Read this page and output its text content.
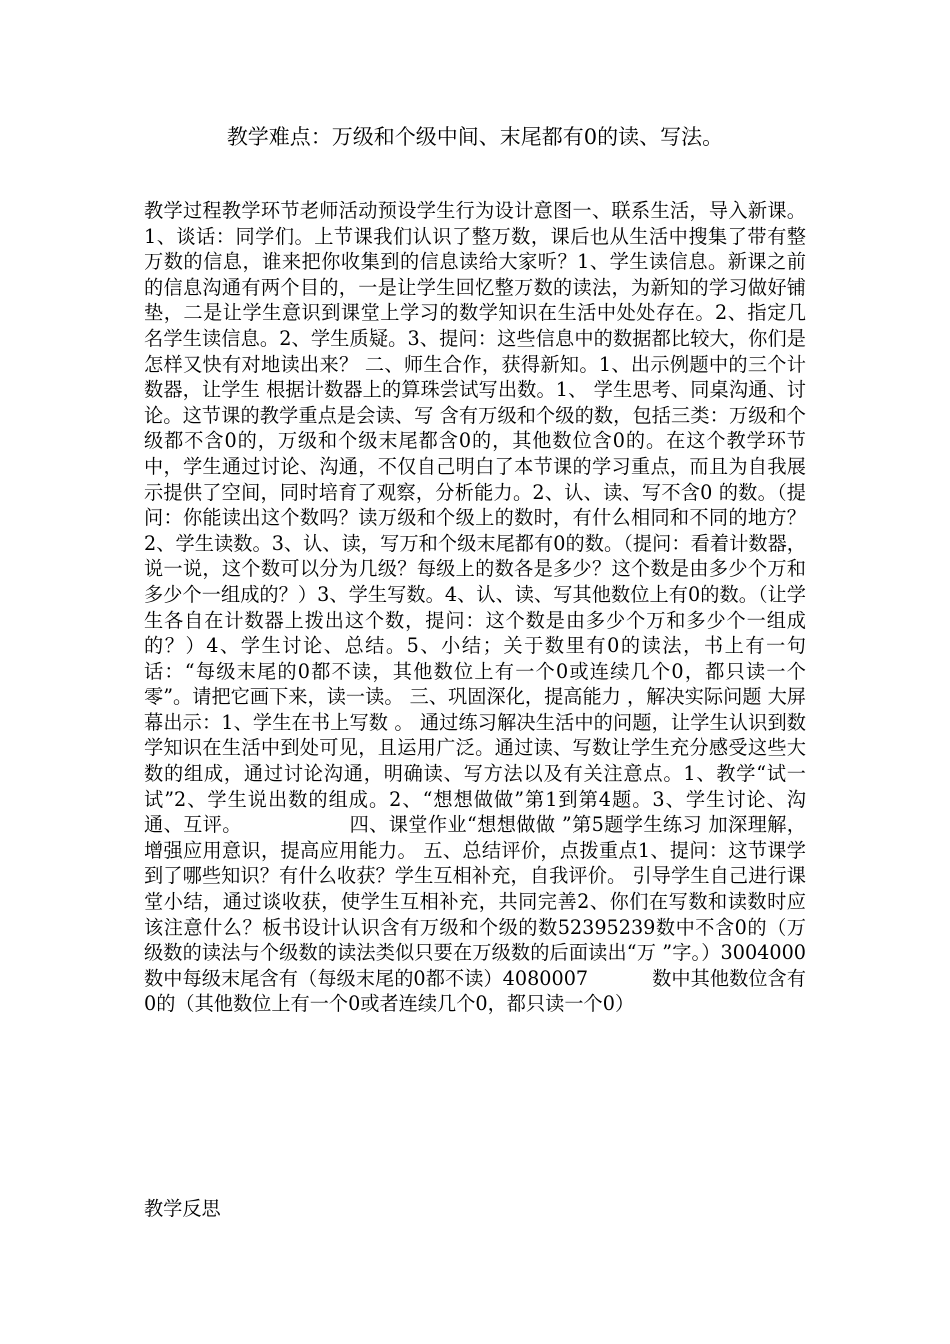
教学难点：万级和个级中间、末尾都有0的读、写法。
教学过程教学环节老师活动预设学生行为设计意图一、联系生活，导入新课。1、谈话：同学们。上节课我们认识了整万数，课后也从生活中搜集了带有整万数的信息，谁来把你收集到的信息读给大家听？1、学生读信息。新课之前的信息沟通有两个目的，一是让学生回忆整万数的读法，为新知的学习做好铺垫，二是让学生意识到课堂上学习的数学知识在生活中处处存在。2、指定几名学生读信息。2、学生质疑。3、提问：这些信息中的数据都比较大，你们是怎样又快有对地读出来？ 二、师生合作，获得新知。1、出示例题中的三个计数器，让学生 根据计数器上的算珠尝试写出数。1、 学生思考、同桌沟通、讨论。这节课的教学重点是会读、写 含有万级和个级的数，包括三类：万级和个级都不含0的，万级和个级末尾都含0的，其他数位含0的。在这个教学环节中，学生通过讨论、沟通，不仅自己明白了本节课的学习重点，而且为自我展示提供了空间，同时培育了观察，分析能力。2、认、读、写不含0 的数。（提问：你能读出这个数吗？读万级和个级上的数时，有什么相同和不同的地方？2、学生读数。3、认、读，写万和个级末尾都有0的数。（提问：看着计数器，说一说，这个数可以分为几级？每级上的数各是多少？这个数是由多少个万和多少个一组成的？）3、学生写数。4、认、读、写其他数位上有0的数。（让学生各自在计数器上拨出这个数，提问：这个数是由多少个万和多少个一组成的？）4、学生讨论、总结。5、小结；关于数里有0的读法，书上有一句话：“每级末尾的0都不读，其他数位上有一个0或连续几个0，都只读一个零”。请把它画下来，读一读。 三、巩固深化，提高能力 ，解决实际问题 大屏幕出示：1、学生在书上写数 。 通过练习解决生活中的问题，让学生认识到数学知识在生活中到处可见，且运用广泛。通过读、写数让学生充分感受这些大数的组成，通过讨论沟通，明确读、写方法以及有关注意点。1、教学“试一试”2、学生说出数的组成。2、“想想做做”第1到第4题。3、学生讨论、沟通、互评。　　　　　　四、课堂作业“想想做做 ”第5题学生练习 加深理解，增强应用意识，提高应用能力。 五、总结评价，点拨重点1、提问：这节课学到了哪些知识？有什么收获？学生互相补充，自我评价。 引导学生自己进行课堂小结，通过谈收获，使学生互相补充，共同完善2、你们在写数和读数时应该注意什么？板书设计认识含有万级和个级的数52395239数中不含0的（万级数的读法与个级数的读法类似只要在万级数的后面读出“万 ”字。）3004000数中每级末尾含有（每级末尾的0都不读）4080007　　　 数中其他数位含有0的（其他数位上有一个0或者连续几个0，都只读一个0）
教学反思
